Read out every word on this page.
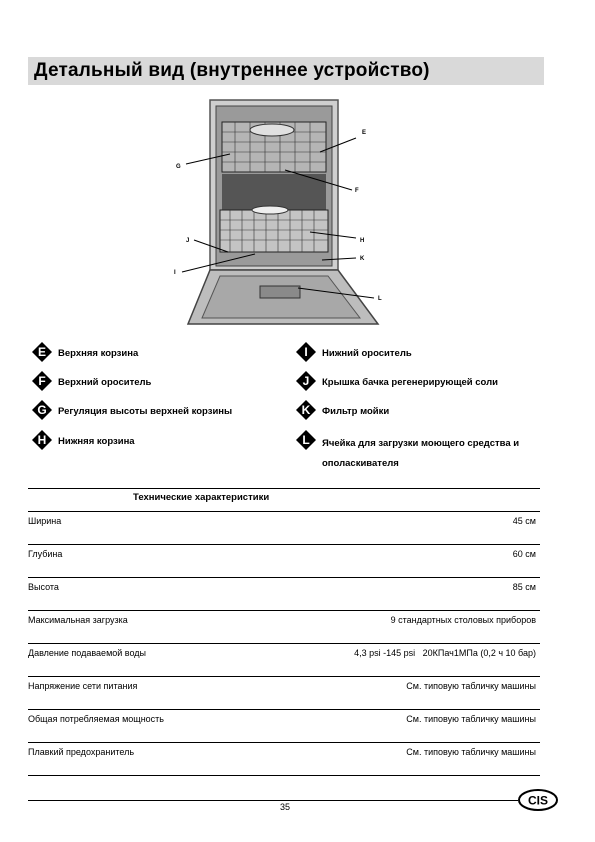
Детальный вид (внутреннее устройство)
E
G
F
J	H
K
I
L
E	Верхняя корзина
F	Верхний ороситель
G	Регуляция высоты верхней корзины
H	Нижняя корзина
I	Нижний ороситель
J	Крышка бачка регенерирующей соли
K	Фильтр мойки
L	Ячейка для загрузки моющего средства и ополаскивателя
Технические характеристики
Ширина	45 см
Глубина	60 см
Высота	85 см
Максимальная загрузка	9 стандартных столовых приборов
Давление подаваемой воды	4,3 psi -145 psi   20КПач1МПа (0,2 ч 10 бар)
Напряжение сети питания	См. типовую табличку машины
Общая потребляемая мощность	См. типовую табличку машины
Плавкий предохранитель	См. типовую табличку машины
35	CIS
